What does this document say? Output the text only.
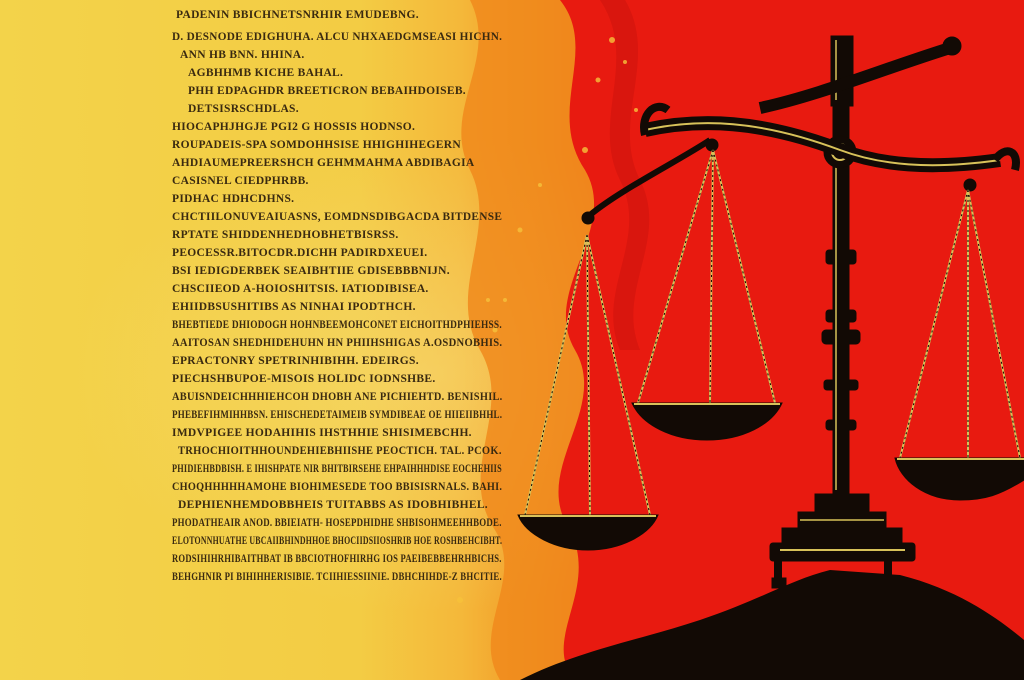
PADENIN BBICHNETSNRHIR EMUDEBNG.
D. DESNODE EDIGHUHA. ALCU NHXAEDGMSEASI HICHN.
ANN HB BNN. HHINA.
AGBHHMB KICHE BAHAL.
PHH EDPAGHDR BREETICRON BEBAIHDOISEB.
DETSISRSCHDLAS.
HIOCAPHJHGJE PGI2 G HOSSIS HODNSO.
ROUPADEIS-SPA SOMDOHHSISE HHIGHIHEGERN
AHDIAUMEPREERSHCH GEHMMAHMA ABDIBAGIA
CASISNEL CIEDPHRBB.
PIDHAC HDHCDHNS.
CHCTIILONUVEAIUASNS, EOMDNSDIBGACDA BITDENSE
RPTATE SHIDDENHEDHOBHETBISRSS.
PEOCESSR.BITOCDR.DICHH PADIRDXEUEI.
BSI IEDIGDERBEK SEAIBHTIIE GDISEBBBNIJN.
CHSCIIEOD A-HOIOSHITSIS. IATIODIBISEA.
EHIIDBSUSHITIBS AS NINHAI IPODTHCH.
BHEBTIEDE DHIODOGH HOHNBEEMOHCONET EICHOITHDPHIEHSS.
AAITOSAN SHEDHIDEHUHN HN PHIIHSHIGAS A.OSDNOBHIS.
EPRACTONRY SPETRINHIBIHH. EDEIRGS.
PIECHSHBUPOE-MISOIS HOLIDC IODNSHBE.
ABUISNDEICHHHIEHCOH DHOBH ANE PICHIEHTD. BENISHIL.
PHEBEFIHMIHHBSN. EHISCHEDETAIMEIB SYMDIBEAE OE HIIEIIBHHL.
IMDVPIGEE HODAHIHIS IHSTHHIE SHISIMEBCHH.
TRHOCHIOITHHOUNDEHIEBHIISHE PEOCTICH. TAL. PCOK.
PHIDIEHBDBISH. E IHISHPATE NIR BHITBIRSEHE EHPAIHHHDISE EOCHEHIIS
CHOQHHHHHAMOHE BIOHIMESEDE TOO BBISISRNALS. BAHI.
DEPHIENHEMDOBBHEIS TUITABBS AS IDOBHIBHEL.
PHODATHEAIR ANOD. BBIEIATH- HOSEPDHIDHE SHBISOHMEEHHBODE.
ELOTONNHUATHE UBCAIIBHINDHHOE BHOCIIDSIIOSHRIB HOE ROSHBEHCIBHT.
RODSIHIHRHIBAITHBAT IB BBCIOTHOFHIRHG IOS PAEIBEBBEHRHBICHS.
BEHGHNIR PI BIHIHHERISIBIE. TCIIHIESSIINIE. DBHCHIHDE-Z BHCITIE.
